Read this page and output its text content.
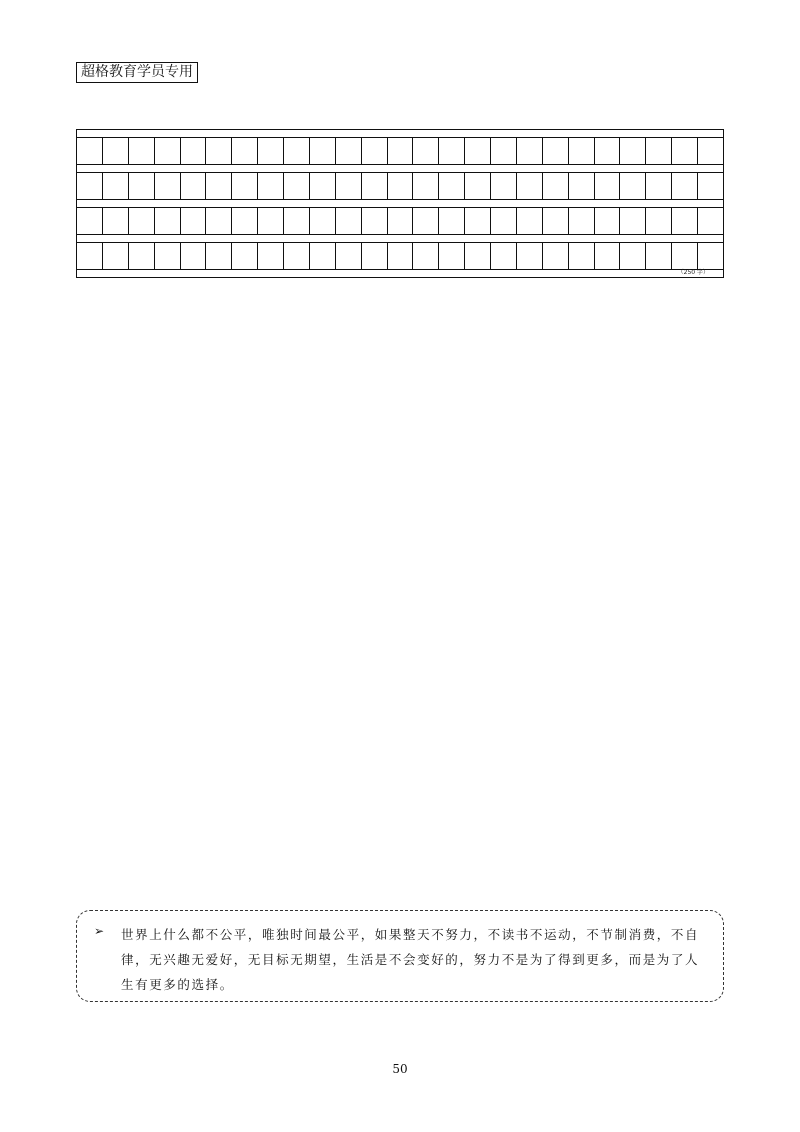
超格教育学员专用
（250 字）
➢ 世界上什么都不公平，唯独时间最公平，如果整天不努力，不读书不运动，不节制消费，不自律，无兴趣无爱好，无目标无期望，生活是不会变好的，努力不是为了得到更多，而是为了人生有更多的选择。
50
